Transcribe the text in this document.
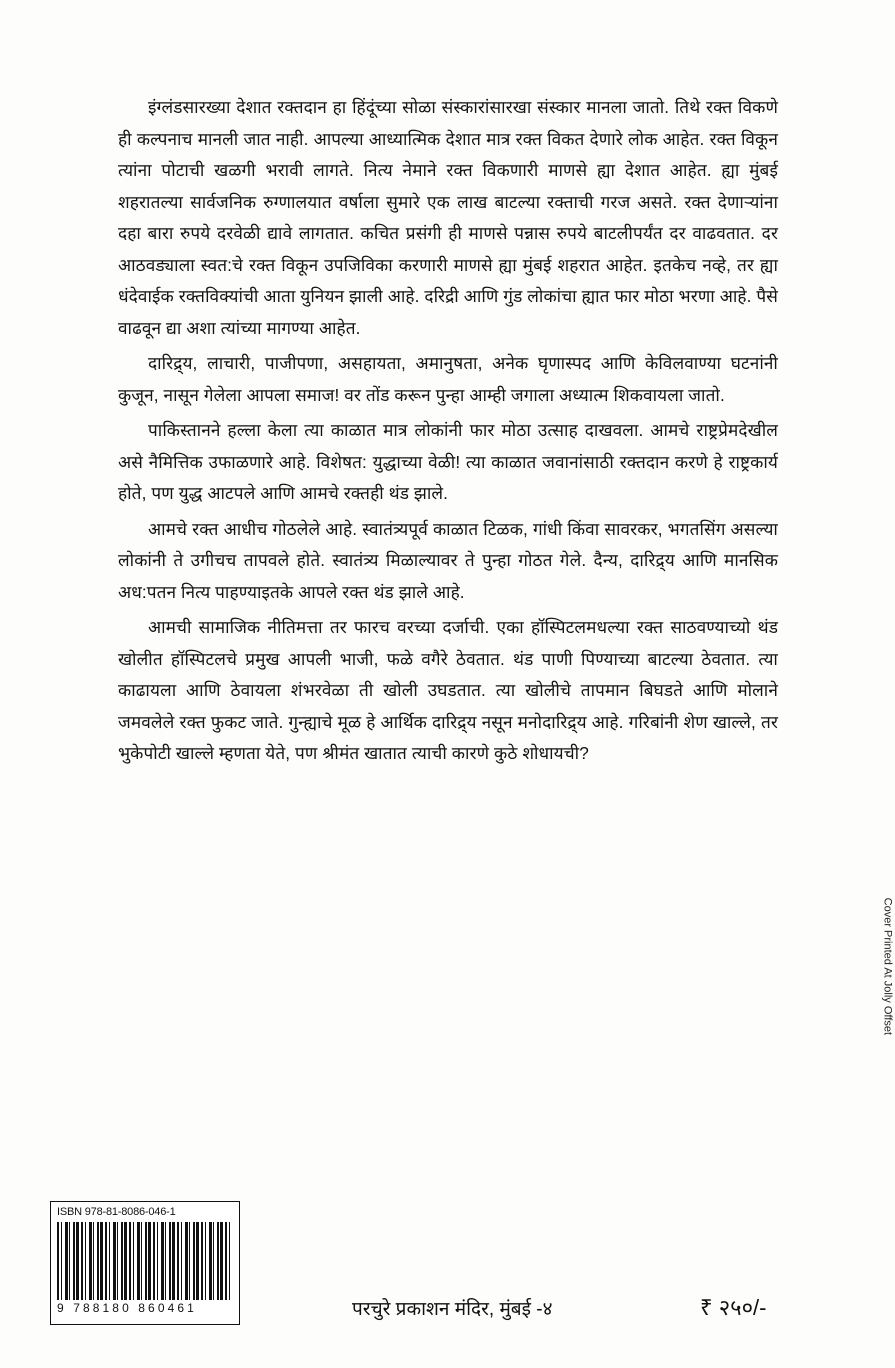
इंग्लंडसारख्या देशात रक्तदान हा हिंदूंच्या सोळा संस्कारांसारखा संस्कार मानला जातो. तिथे रक्त विकणे ही कल्पनाच मानली जात नाही. आपल्या आध्यात्मिक देशात मात्र रक्त विकत देणारे लोक आहेत. रक्त विकून त्यांना पोटाची खळगी भरावी लागते. नित्य नेमाने रक्त विकणारी माणसे ह्या देशात आहेत. ह्या मुंबई शहरातल्या सार्वजनिक रुग्णालयात वर्षाला सुमारे एक लाख बाटल्या रक्ताची गरज असते. रक्त देणाऱ्यांना दहा बारा रुपये दरवेळी द्यावे लागतात. कचित प्रसंगी ही माणसे पन्नास रुपये बाटलीपर्यंत दर वाढवतात. दर आठवड्याला स्वत:चे रक्त विकून उपजिविका करणारी माणसे ह्या मुंबई शहरात आहेत. इतकेच नव्हे, तर ह्या धंदेवाईक रक्तविक्यांची आता युनियन झाली आहे. दरिद्री आणि गुंड लोकांचा ह्यात फार मोठा भरणा आहे. पैसे वाढवून द्या अशा त्यांच्या मागण्या आहेत.

दारिद्र्य, लाचारी, पाजीपणा, असहायता, अमानुषता, अनेक घृणास्पद आणि केविलवाण्या घटनांनी कुजून, नासून गेलेला आपला समाज! वर तोंड करून पुन्हा आम्ही जगाला अध्यात्म शिकवायला जातो.

पाकिस्तानने हल्ला केला त्या काळात मात्र लोकांनी फार मोठा उत्साह दाखवला. आमचे राष्ट्रप्रेमदेखील असे नैमित्तिक उफाळणारे आहे. विशेषत: युद्धाच्या वेळी! त्या काळात जवानांसाठी रक्तदान करणे हे राष्ट्रकार्य होते, पण युद्ध आटपले आणि आमचे रक्तही थंड झाले.

आमचे रक्त आधीच गोठलेले आहे. स्वातंत्र्यपूर्व काळात टिळक, गांधी किंवा सावरकर, भगतसिंग असल्या लोकांनी ते उगीचच तापवले होते. स्वातंत्र्य मिळाल्यावर ते पुन्हा गोठत गेले. दैन्य, दारिद्र्य आणि मानसिक अध:पतन नित्य पाहण्याइतके आपले रक्त थंड झाले आहे.

आमची सामाजिक नीतिमत्ता तर फारच वरच्या दर्जाची. एका हॉस्पिटलमधल्या रक्त साठवण्याच्यो थंड खोलीत हॉस्पिटलचे प्रमुख आपली भाजी, फळे वगैरे ठेवतात. थंड पाणी पिण्याच्या बाटल्या ठेवतात. त्या काढायला आणि ठेवायला शंभरवेळा ती खोली उघडतात. त्या खोलीचे तापमान बिघडते आणि मोलाने जमवलेले रक्त फुकट जाते. गुन्ह्याचे मूळ हे आर्थिक दारिद्र्य नसून मनोदारिद्र्य आहे. गरिबांनी शेण खाल्ले, तर भुकेपोटी खाल्ले म्हणता येते, पण श्रीमंत खातात त्याची कारणे कुठे शोधायची?

ISBN 978-81-8086-046-1
9 788180 860461	परचुरे प्रकाशन मंदिर, मुंबई -४	₹ २५०/-
Cover Printed At Jolly Offset
